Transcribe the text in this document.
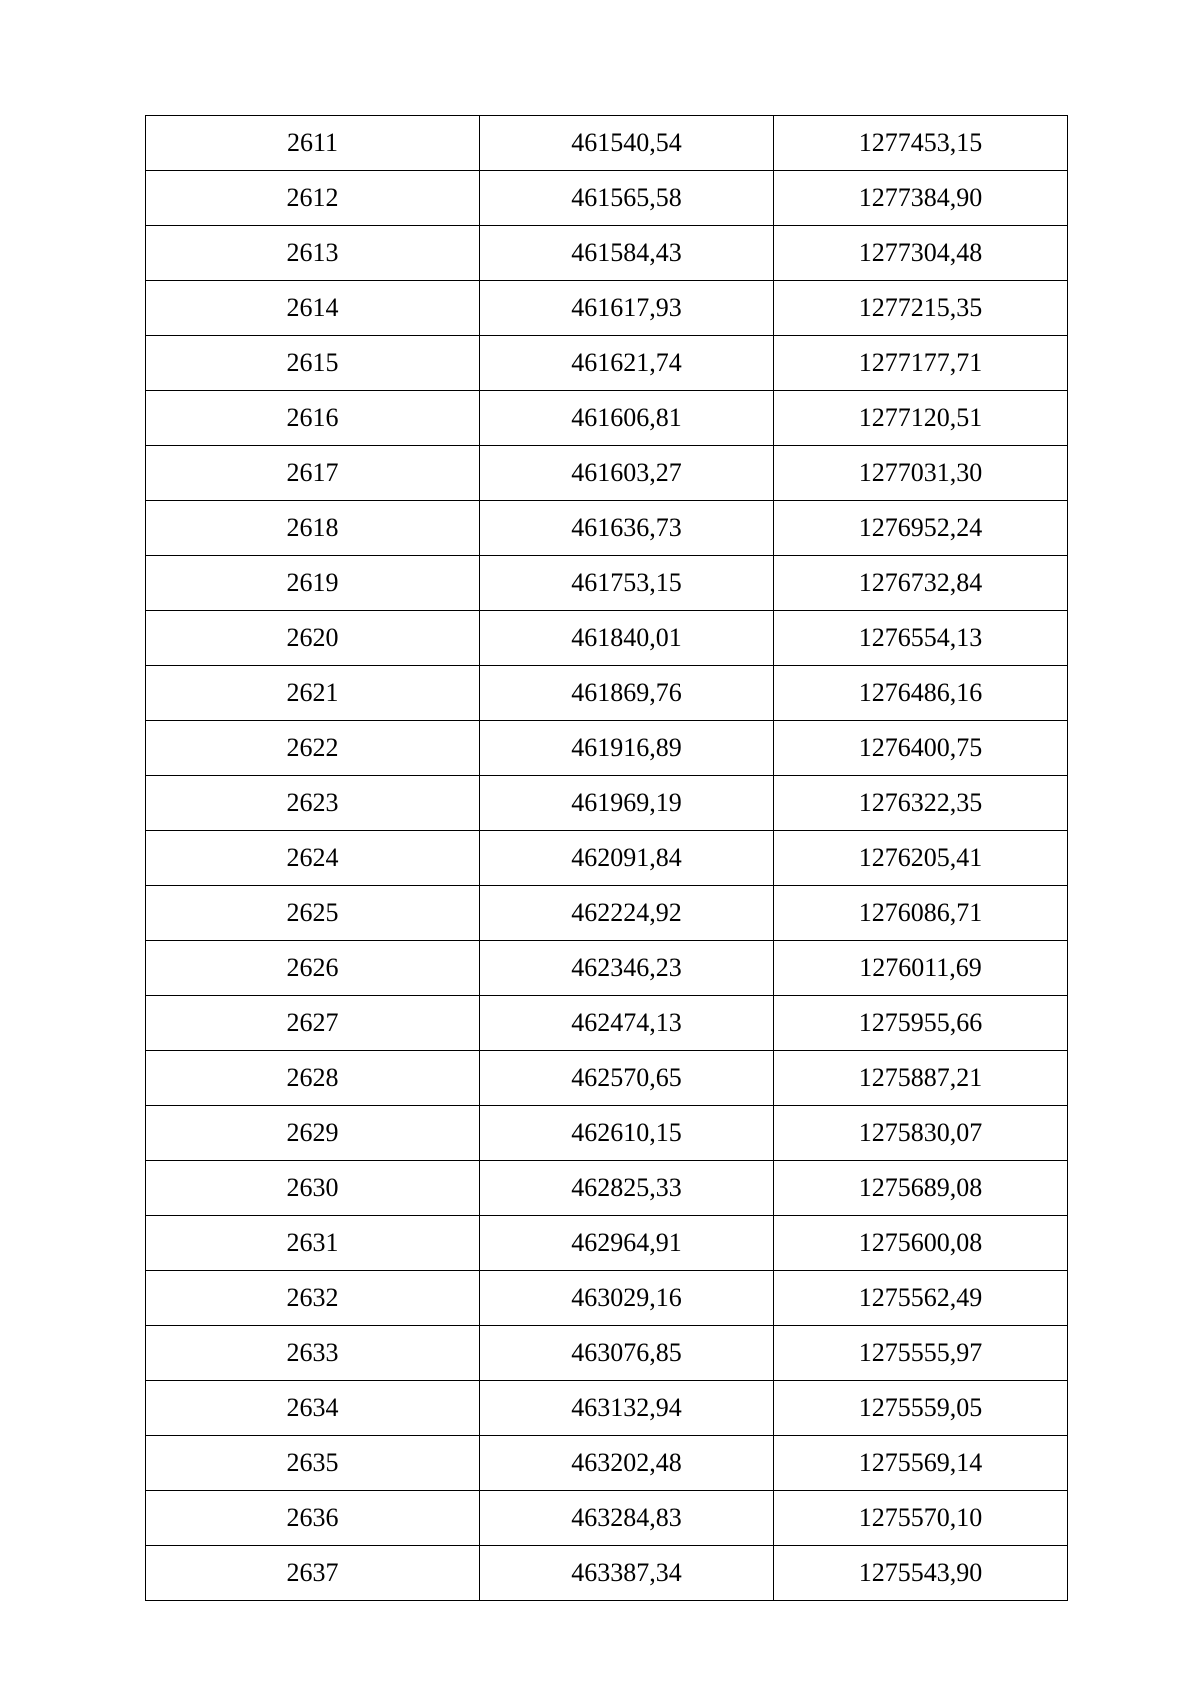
2611	461540,54	1277453,15
2612	461565,58	1277384,90
2613	461584,43	1277304,48
2614	461617,93	1277215,35
2615	461621,74	1277177,71
2616	461606,81	1277120,51
2617	461603,27	1277031,30
2618	461636,73	1276952,24
2619	461753,15	1276732,84
2620	461840,01	1276554,13
2621	461869,76	1276486,16
2622	461916,89	1276400,75
2623	461969,19	1276322,35
2624	462091,84	1276205,41
2625	462224,92	1276086,71
2626	462346,23	1276011,69
2627	462474,13	1275955,66
2628	462570,65	1275887,21
2629	462610,15	1275830,07
2630	462825,33	1275689,08
2631	462964,91	1275600,08
2632	463029,16	1275562,49
2633	463076,85	1275555,97
2634	463132,94	1275559,05
2635	463202,48	1275569,14
2636	463284,83	1275570,10
2637	463387,34	1275543,90
